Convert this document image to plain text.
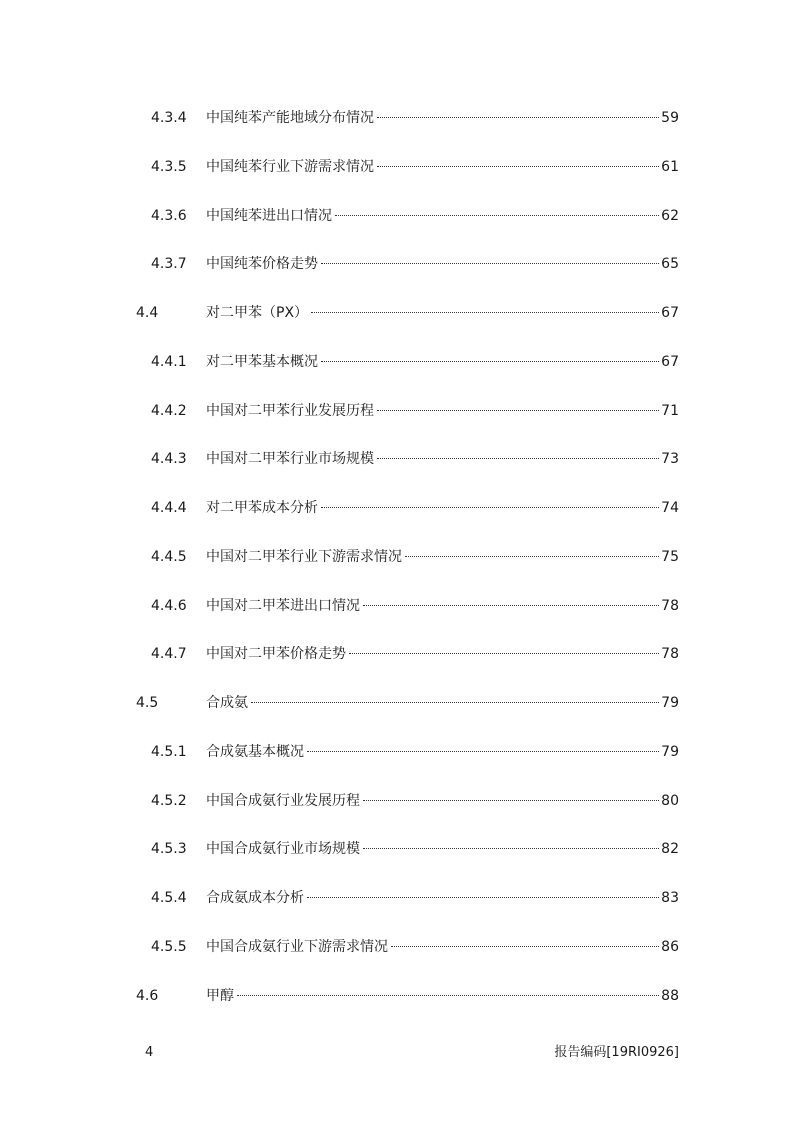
4.3.4 中国纯苯产能地域分布情况	59
4.3.5 中国纯苯行业下游需求情况	61
4.3.6 中国纯苯进出口情况	62
4.3.7 中国纯苯价格走势	65
4.4	对二甲苯（PX）	67
4.4.1 对二甲苯基本概况	67
4.4.2 中国对二甲苯行业发展历程	71
4.4.3 中国对二甲苯行业市场规模	73
4.4.4 对二甲苯成本分析	74
4.4.5 中国对二甲苯行业下游需求情况	75
4.4.6 中国对二甲苯进出口情况	78
4.4.7 中国对二甲苯价格走势	78
4.5	合成氨	79
4.5.1 合成氨基本概况	79
4.5.2 中国合成氨行业发展历程	80
4.5.3 中国合成氨行业市场规模	82
4.5.4 合成氨成本分析	83
4.5.5 中国合成氨行业下游需求情况	86
4.6	甲醇	88
4	报告编码[19RI0926]
